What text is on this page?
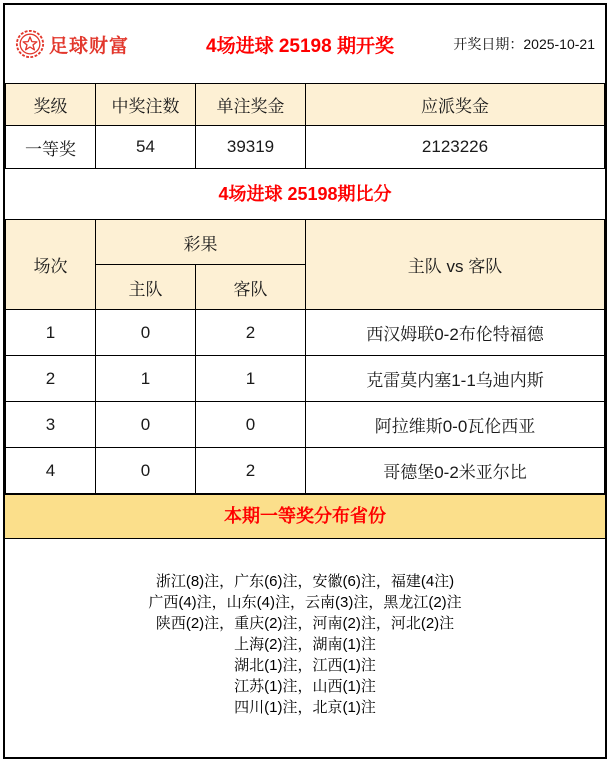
足球财富	4场进球 25198 期开奖	开奖日期：2025-10-21
奖级	中奖注数	单注奖金	应派奖金
一等奖	54	39319	2123226
4场进球 25198期比分
场次	彩果		主队 vs 客队
	主队	客队	
1	0	2	西汉姆联0-2布伦特福德
2	1	1	克雷莫内塞1-1乌迪内斯
3	0	0	阿拉维斯0-0瓦伦西亚
4	0	2	哥德堡0-2米亚尔比
本期一等奖分布省份
浙江(8)注，广东(6)注，安徽(6)注，福建(4注)
广西(4)注，山东(4)注，云南(3)注，黑龙江(2)注
陕西(2)注，重庆(2)注，河南(2)注，河北(2)注
上海(2)注，湖南(1)注
湖北(1)注，江西(1)注
江苏(1)注，山西(1)注
四川(1)注，北京(1)注
